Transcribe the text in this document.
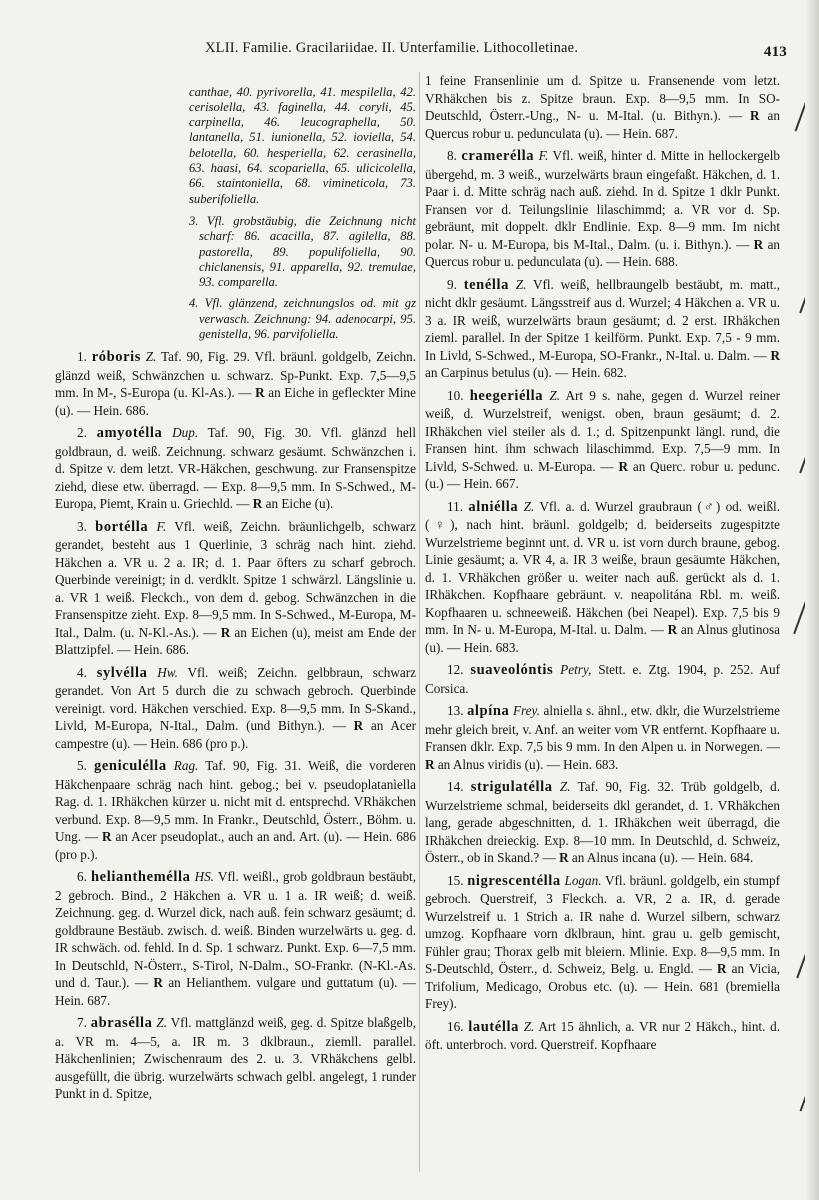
XLII. Familie. Gracilariidae. II. Unterfamilie. Lithocolletinae.	413

canthae, 40. pyrivorella, 41. mespilella, 42. cerisolella, 43. faginella, 44. coryli, 45. carpinella, 46. leucographella, 50. lantanella, 51. iunionella, 52. ioviella, 54. belotella, 60. hesperiella, 62. cerasinella, 63. haasi, 64. scopariella, 65. ulicicolella, 66. staintoniella, 68. vimineticola, 73. suberifoliella.

3. Vfl. grobstäubig, die Zeichnung nicht scharf: 86. acacilla, 87. agilella, 88. pastorella, 89. populifoliella, 90. chiclanensis, 91. apparella, 92. tremulae, 93. comparella.

4. Vfl. glänzend, zeichnungslos od. mit gz verwasch. Zeichnung: 94. adenocarpi, 95. genistella, 96. parvifoliella.

1. róboris Z. Taf. 90, Fig. 29. Vfl. bräunl. goldgelb, Zeichn. glänzd weiß, Schwänzchen u. schwarz. Sp-Punkt. Exp. 7,5—9,5 mm. In M-, S-Europa (u. Kl-As.). — R an Eiche in gefleckter Mine (u). — Hein. 686.

2. amyotélla Dup. Taf. 90, Fig. 30. Vfl. glänzd hell goldbraun, d. weiß. Zeichnung. schwarz gesäumt. Schwänzchen i. d. Spitze v. dem letzt. VR-Häkchen, geschwung. zur Fransenspitze ziehd, diese etw. überragd. — Exp. 8—9,5 mm. In S-Schwed., M-Europa, Piemt, Krain u. Griechld. — R an Eiche (u).

3. bortélla F. Vfl. weiß, Zeichn. bräunlichgelb, schwarz gerandet, besteht aus 1 Querlinie, 3 schräg nach hint. ziehd. Häkchen a. VR u. 2 a. IR; d. 1. Paar öfters zu scharf gebroch. Querbinde vereinigt; in d. verdklt. Spitze 1 schwärzl. Längslinie u. a. VR 1 weiß. Fleckch., von dem d. gebog. Schwänzchen in die Fransenspitze zieht. Exp. 8—9,5 mm. In S-Schwed., M-Europa, M-Ital., Dalm. (u. N-Kl.-As.). — R an Eichen (u), meist am Ende der Blattzipfel. — Hein. 686.

4. sylvélla Hw. Vfl. weiß; Zeichn. gelbbraun, schwarz gerandet. Von Art 5 durch die zu schwach gebroch. Querbinde vereinigt. vord. Häkchen verschied. Exp. 8—9,5 mm. In S-Skand., Livld, M-Europa, N-Ital., Dalm. (und Bithyn.). — R an Acer campestre (u). — Hein. 686 (pro p.).

5. geniculélla Rag. Taf. 90, Fig. 31. Weiß, die vorderen Häkchenpaare schräg nach hint. gebog.; bei v. pseudoplatanìella Rag. d. 1. IRhäkchen kürzer u. nicht mit d. entsprechd. VRhäkchen verbund. Exp. 8—9,5 mm. In Frankr., Deutschld, Österr., Böhm. u. Ung. — R an Acer pseudoplat., auch an and. Art. (u). — Hein. 686 (pro p.).

6. helianthemélla HS. Vfl. weißl., grob goldbraun bestäubt, 2 gebroch. Bind., 2 Häkchen a. VR u. 1 a. IR weiß; d. weiß. Zeichnung. geg. d. Wurzel dick, nach auß. fein schwarz gesäumt; d. goldbraune Bestäub. zwisch. d. weiß. Binden wurzelwärts u. geg. d. IR schwäch. od. fehld. In d. Sp. 1 schwarz. Punkt. Exp. 6—7,5 mm. In Deutschld, N-Österr., S-Tirol, N-Dalm., SO-Frankr. (N-Kl.-As. und d. Taur.). — R an Helianthem. vulgare und guttatum (u). — Hein. 687.

7. abrasélla Z. Vfl. mattglänzd weiß, geg. d. Spitze blaßgelb, a. VR m. 4—5, a. IR m. 3 dklbraun., ziemll. parallel. Häkchenlinien; Zwischenraum des 2. u. 3. VRhäkchens gelbl. ausgefüllt, die übrig. wurzelwärts schwach gelbl. angelegt, 1 runder Punkt in d. Spitze,

1 feine Fransenlinie um d. Spitze u. Fransenende vom letzt. VRhäkchen bis z. Spitze braun. Exp. 8—9,5 mm. In SO-Deutschld, Österr.-Ung., N- u. M-Ital. (u. Bithyn.). — R an Quercus robur u. pedunculata (u). — Hein. 687.

8. cramerélla F. Vfl. weiß, hinter d. Mitte in hellockergelb übergehd, m. 3 weiß., wurzelwärts braun eingefaßt. Häkchen, d. 1. Paar i. d. Mitte schräg nach auß. ziehd. In d. Spitze 1 dklr Punkt. Fransen vor d. Teilungslinie lilaschimmd; a. VR vor d. Sp. gebräunt, mit doppelt. dklr Endlinie. Exp. 8—9 mm. Im nicht polar. N- u. M-Europa, bis M-Ital., Dalm. (u. i. Bithyn.). — R an Quercus robur u. pedunculata (u). — Hein. 688.

9. tenélla Z. Vfl. weiß, hellbraungelb bestäubt, m. matt., nicht dklr gesäumt. Längsstreif aus d. Wurzel; 4 Häkchen a. VR u. 3 a. IR weiß, wurzelwärts braun gesäumt; d. 2 erst. IRhäkchen zieml. parallel. In der Spitze 1 keilförm. Punkt. Exp. 7,5 - 9 mm. In Livld, S-Schwed., M-Europa, SO-Frankr., N-Ital. u. Dalm. — R an Carpinus betulus (u). — Hein. 682.

10. heegeriélla Z. Art 9 s. nahe, gegen d. Wurzel reiner weiß, d. Wurzelstreif, wenigst. oben, braun gesäumt; d. 2. IRhäkchen viel steiler als d. 1.; d. Spitzenpunkt längl. rund, die Fransen hint. ihm schwach lilaschimmd. Exp. 7,5—9 mm. In Livld, S-Schwed. u. M-Europa. — R an Querc. robur u. pedunc. (u.) — Hein. 667.

11. alniélla Z. Vfl. a. d. Wurzel graubraun (♂) od. weißl. (♀), nach hint. bräunl. goldgelb; d. beiderseits zugespitzte Wurzelstrieme beginnt unt. d. VR u. ist vorn durch braune, gebog. Linie gesäumt; a. VR 4, a. IR 3 weiße, braun gesäumte Häkchen, d. 1. VRhäkchen größer u. weiter nach auß. gerückt als d. 1. IRhäkchen. Kopfhaare gebräunt. v. neapolitána Rbl. m. weiß. Kopfhaaren u. schneeweiß. Häkchen (bei Neapel). Exp. 7,5 bis 9 mm. In N- u. M-Europa, M-Ital. u. Dalm. — R an Alnus glutinosa (u). — Hein. 683.

12. suaveolóntis Petry, Stett. e. Ztg. 1904, p. 252. Auf Corsica.

13. alpína Frey. alniella s. ähnl., etw. dklr, die Wurzelstrieme mehr gleich breit, v. Anf. an weiter vom VR entfernt. Kopfhaare u. Fransen dklr. Exp. 7,5 bis 9 mm. In den Alpen u. in Norwegen. — R an Alnus viridis (u). — Hein. 683.

14. strigulatélla Z. Taf. 90, Fig. 32. Trüb goldgelb, d. Wurzelstrieme schmal, beiderseits dkl gerandet, d. 1. VRhäkchen lang, gerade abgeschnitten, d. 1. IRhäkchen weit überragd, die IRhäkchen dreieckig. Exp. 8—10 mm. In Deutschld, d. Schweiz, Österr., ob in Skand.? — R an Alnus incana (u). — Hein. 684.

15. nigrescentélla Logan. Vfl. bräunl. goldgelb, ein stumpf gebroch. Querstreif, 3 Fleckch. a. VR, 2 a. IR, d. gerade Wurzelstreif u. 1 Strich a. IR nahe d. Wurzel silbern, schwarz umzog. Kopfhaare vorn dklbraun, hint. grau u. gelb gemischt, Fühler grau; Thorax gelb mit bleiern. Mlinie. Exp. 8—9,5 mm. In S-Deutschld, Österr., d. Schweiz, Belg. u. Engld. — R an Vicia, Trifolium, Medicago, Orobus etc. (u). — Hein. 681 (bremiella Frey).

16. lautélla Z. Art 15 ähnlich, a. VR nur 2 Häkch., hint. d. öft. unterbroch. vord. Querstreif. Kopfhaare
